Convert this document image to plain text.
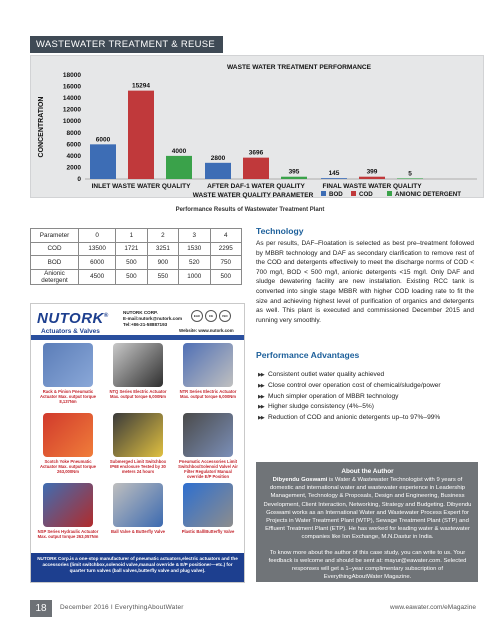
WASTEWATER TREATMENT & REUSE
0
2000
4000
6000
8000
10000
12000
14000
16000
18000
CONCENTRATION
WASTE WATER TREATMENT PERFORMANCE
6000
15294
4000
INLET WASTE WATER QUALITY
2800
3696
395
AFTER DAF-1 WATER QUALITY
145	399	5
FINAL WASTE WATER QUALITY
WASTE WATER QUALITY PARAMETER	BOD	COD	ANIONIC DETERGENT
Performance Results of Wastewater Treatment Plant
Parameter	0	1	2	3	4
COD	13500	1721	3251	1530	2295
BOD	6000	500	900	520	750
Anionic detergent	4500	500	550	1000	500
Technology
As per results, DAF–Floatation is selected as best pre–treatment followed by MBBR technology and DAF as secondary clarification to remove rest of the COD and detergents effectively to meet the discharge norms of COD < 700 mg/l, BOD < 500 mg/l, anionic detergents <15 mg/l. Only DAF and sludge dewatering facility are new installation. Existing RCC tank is converted into single stage MBBR with higher COD loading rate to fit the size and achieving highest level of purification of organics and detergents as well. This plant is executed and commissioned December 2015 and running very smoothly.
Performance Advantages
▶▶ Consistent outlet water quality achieved
▶▶ Close control over operation cost of chemical/sludge/power
▶▶ Much simpler operation of MBBR technology
▶▶ Higher sludge consistency (4%–5%)
▶▶ Reduction of COD and anionic detergents up–to 97%–99%
About the Author
Dibyendu Goswami is Water & Wastewater Technologist with 9 years of domestic and international water and wastewater experience in Leadership Management, Technology & Proposals, Design and Engineering, Business Development, Client Interaction, Networking, Strategy and Budgeting. Dibyendu Goswami works as an International Water and Wastewater Process Expert for Projects in Water Treatment Plant (WTP), Sewage Treatment Plant (STP) and Effluent Treatment Plant (ETP). He has worked for leading water & wastewater companies like Ion Exchange, M.N.Dastur in India.
To know more about the author of this case study, you can write to us. Your feedback is welcome and should be sent at: mayur@eawater.com. Selected responses will get a 1–year complimentary subscription of EverythingAboutWater Magazine.
NUTORK®
Actuators & Valves
NUTORK CORP.
E-mail:nutork@nutork.com
Tel:+86-21-58887193
EAC	CE	ISO
Website: www.nutork.com
Rack & Pinion Pneumatic Actuator Max. output torque 8,137Nm
NTQ Series Electric Actuator Max. output torque 6,000Nm
NTR Series Electric Actuator Max. output torque 6,000Nm
Scotch Yoke Pneumatic Actuator Max. output torque 263,000Nm
Submerged Limit Switchbox IP68 enclosure Tested by 30 meters 24 hours
Pneumatic Accessories Limit Switchbox/Solenoid Valve/ Air Filter Regulator/ Manual override E/P Position
NSP Series Hydraulic Actuator Max. output torque 263,057Nm
Ball Valve & Butterfly Valve	Plastic Ball/Butterfly Valve
NUTORK Corp.is a one-stop manufacturer of pneumatic actuators,electric actuators and the accessories (limit switchbox,solenoid valve,manual override & E/P positioner—etc.) for quarter turn valves (ball valves,butterfly valve and plug valve).
18	December 2016 I EverythingAboutWater	www.eawater.com/eMagazine
